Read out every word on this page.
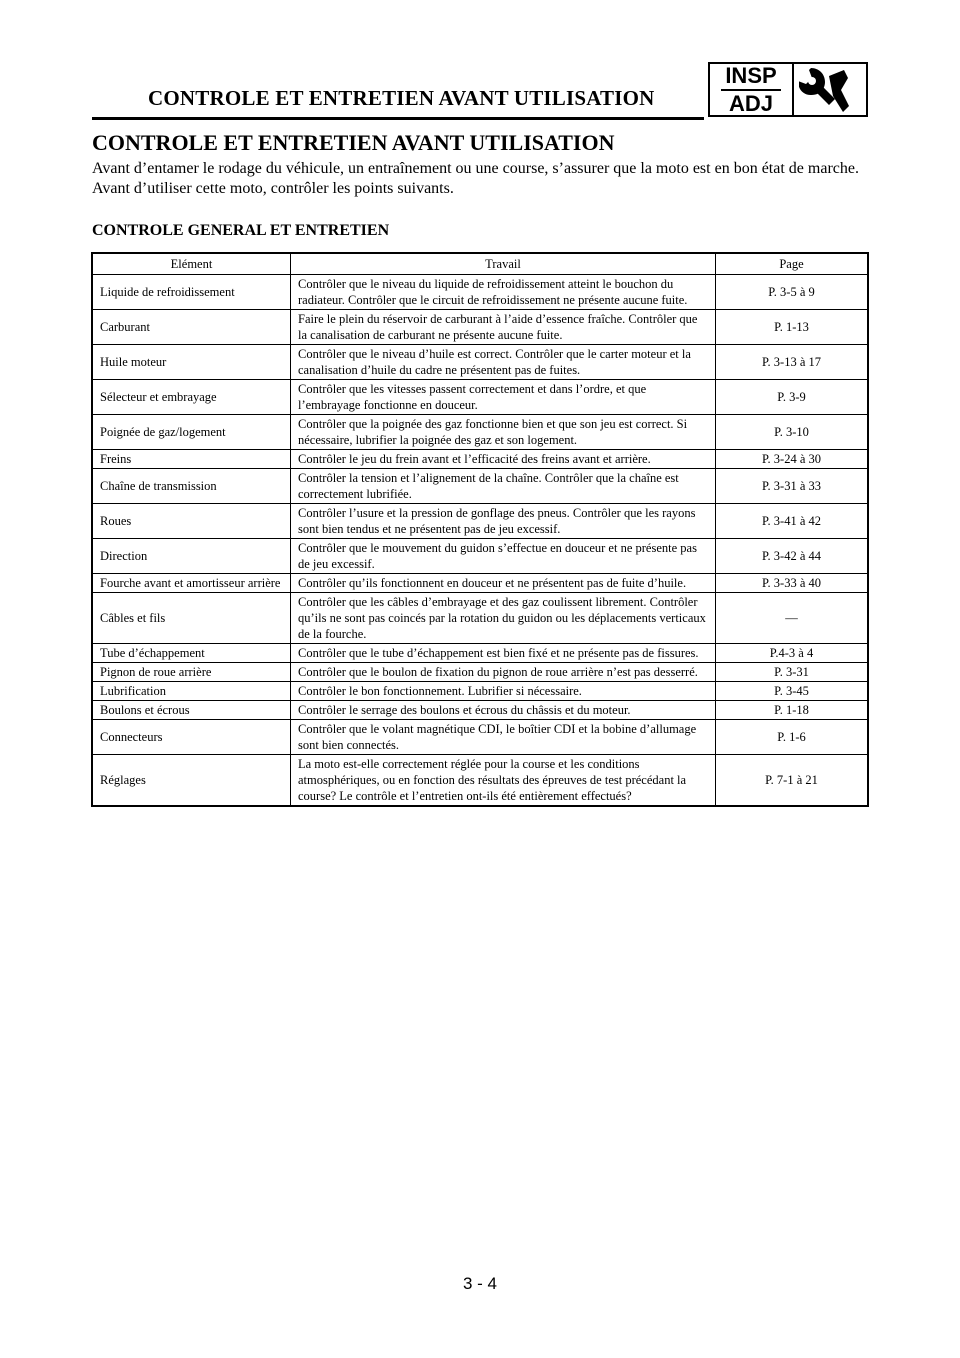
CONTROLE ET ENTRETIEN AVANT UTILISATION
INSP
ADJ
CONTROLE ET ENTRETIEN AVANT UTILISATION

Avant d’entamer le rodage du véhicule, un entraînement ou une course, s’assurer que la moto est en bon état de marche.

Avant d’utiliser cette moto, contrôler les points suivants.

CONTROLE GENERAL ET ENTRETIEN
Elément	Travail	Page
Liquide de refroidissement	Contrôler que le niveau du liquide de refroidissement atteint le bouchon du radiateur. Contrôler que le circuit de refroidissement ne présente aucune fuite.	P. 3-5 à 9
Carburant	Faire le plein du réservoir de carburant à l’aide d’essence fraîche. Contrôler que la canalisation de carburant ne présente aucune fuite.	P. 1-13
Huile moteur	Contrôler que le niveau d’huile est correct. Contrôler que le carter moteur et la canalisation d’huile du cadre ne présentent pas de fuites.	P. 3-13 à 17
Sélecteur et embrayage	Contrôler que les vitesses passent correctement et dans l’ordre, et que l’embrayage fonctionne en douceur.	P. 3-9
Poignée de gaz/logement	Contrôler que la poignée des gaz fonctionne bien et que son jeu est correct. Si nécessaire, lubrifier la poignée des gaz et son logement.	P. 3-10
Freins	Contrôler le jeu du frein avant et l’efficacité des freins avant et arrière.	P. 3-24 à 30
Chaîne de transmission	Contrôler la tension et l’alignement de la chaîne. Contrôler que la chaîne est correctement lubrifiée.	P. 3-31 à 33
Roues	Contrôler l’usure et la pression de gonflage des pneus. Contrôler que les rayons sont bien tendus et ne présentent pas de jeu excessif.	P. 3-41 à 42
Direction	Contrôler que le mouvement du guidon s’effectue en douceur et ne présente pas de jeu excessif.	P. 3-42 à 44
Fourche avant et amortisseur arrière	Contrôler qu’ils fonctionnent en douceur et ne présentent pas de fuite d’huile.	P. 3-33 à 40
Câbles et fils	Contrôler que les câbles d’embrayage et des gaz coulissent librement. Contrôler qu’ils ne sont pas coincés par la rotation du guidon ou les déplacements verticaux de la fourche.	—
Tube d’échappement	Contrôler que le tube d’échappement est bien fixé et ne présente pas de fissures.	P.4-3 à 4
Pignon de roue arrière	Contrôler que le boulon de fixation du pignon de roue arrière n’est pas desserré.	P. 3-31
Lubrification	Contrôler le bon fonctionnement. Lubrifier si nécessaire.	P. 3-45
Boulons et écrous	Contrôler le serrage des boulons et écrous du châssis et du moteur.	P. 1-18
Connecteurs	Contrôler que le volant magnétique CDI, le boîtier CDI et la bobine d’allumage sont bien connectés.	P. 1-6
Réglages	La moto est-elle correctement réglée pour la course et les conditions atmosphériques, ou en fonction des résultats des épreuves de test précédant la course? Le contrôle et l’entretien ont-ils été entièrement effectués?	P. 7-1 à 21
3 - 4
